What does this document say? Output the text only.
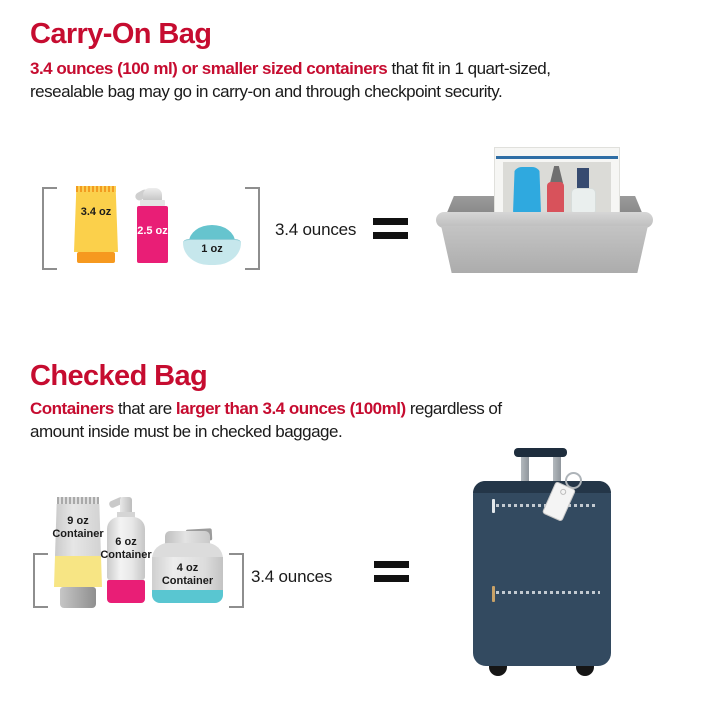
Carry-On Bag
3.4 ounces (100 ml) or smaller sized containers that fit in 1 quart-sized,
resealable bag may go in carry-on and through checkpoint security.
3.4 oz
2.5 oz
1 oz
3.4 ounces
Checked Bag
Containers that are larger than 3.4 ounces (100ml) regardless of
amount inside must be in checked baggage.
9 oz
Container
6 oz
Container
4 oz
Container	3.4 ounces
